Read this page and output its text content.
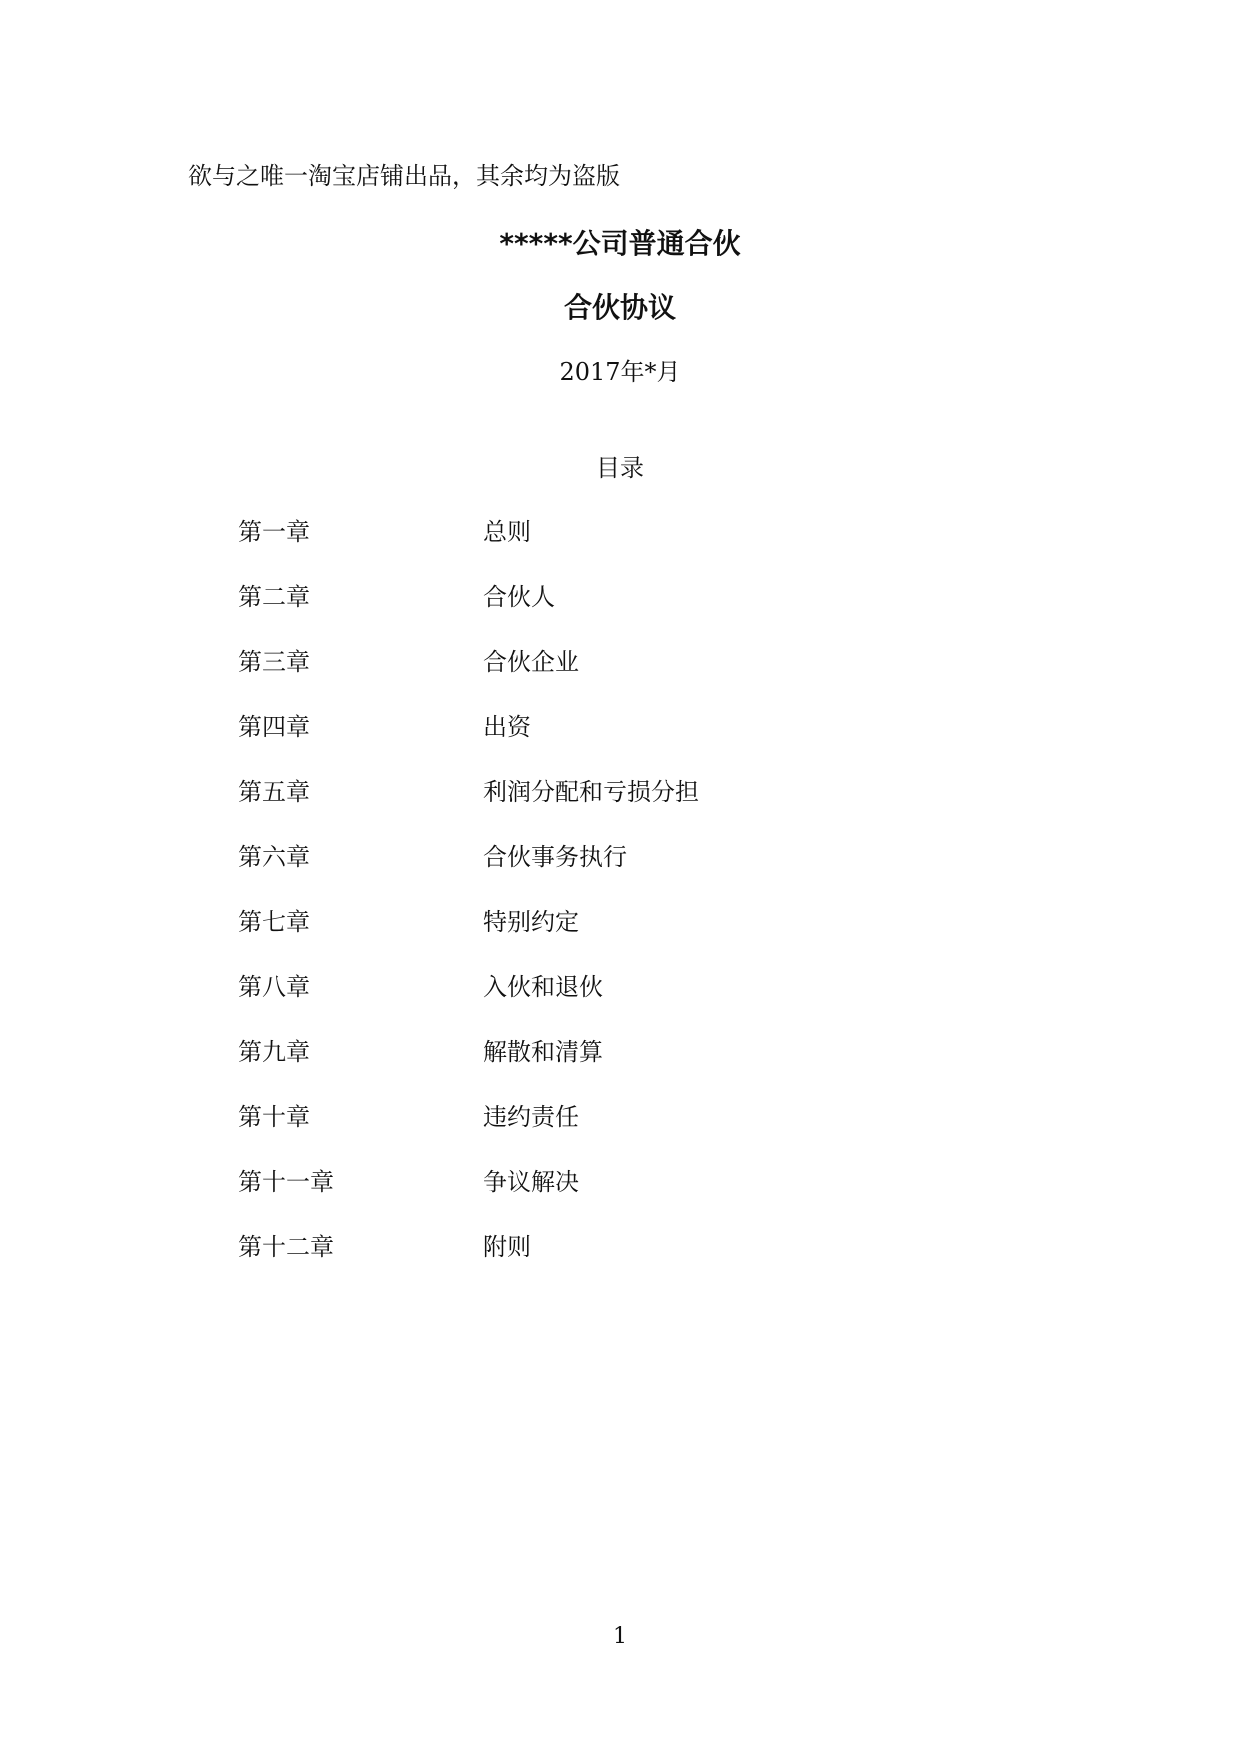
欲与之唯一淘宝店铺出品，其余均为盗版
*****公司普通合伙
合伙协议
2017年*月
目录
第一章	总则
第二章	合伙人
第三章	合伙企业
第四章	出资
第五章	利润分配和亏损分担
第六章	合伙事务执行
第七章	特别约定
第八章	入伙和退伙
第九章	解散和清算
第十章	违约责任
第十一章	争议解决
第十二章	附则
1
